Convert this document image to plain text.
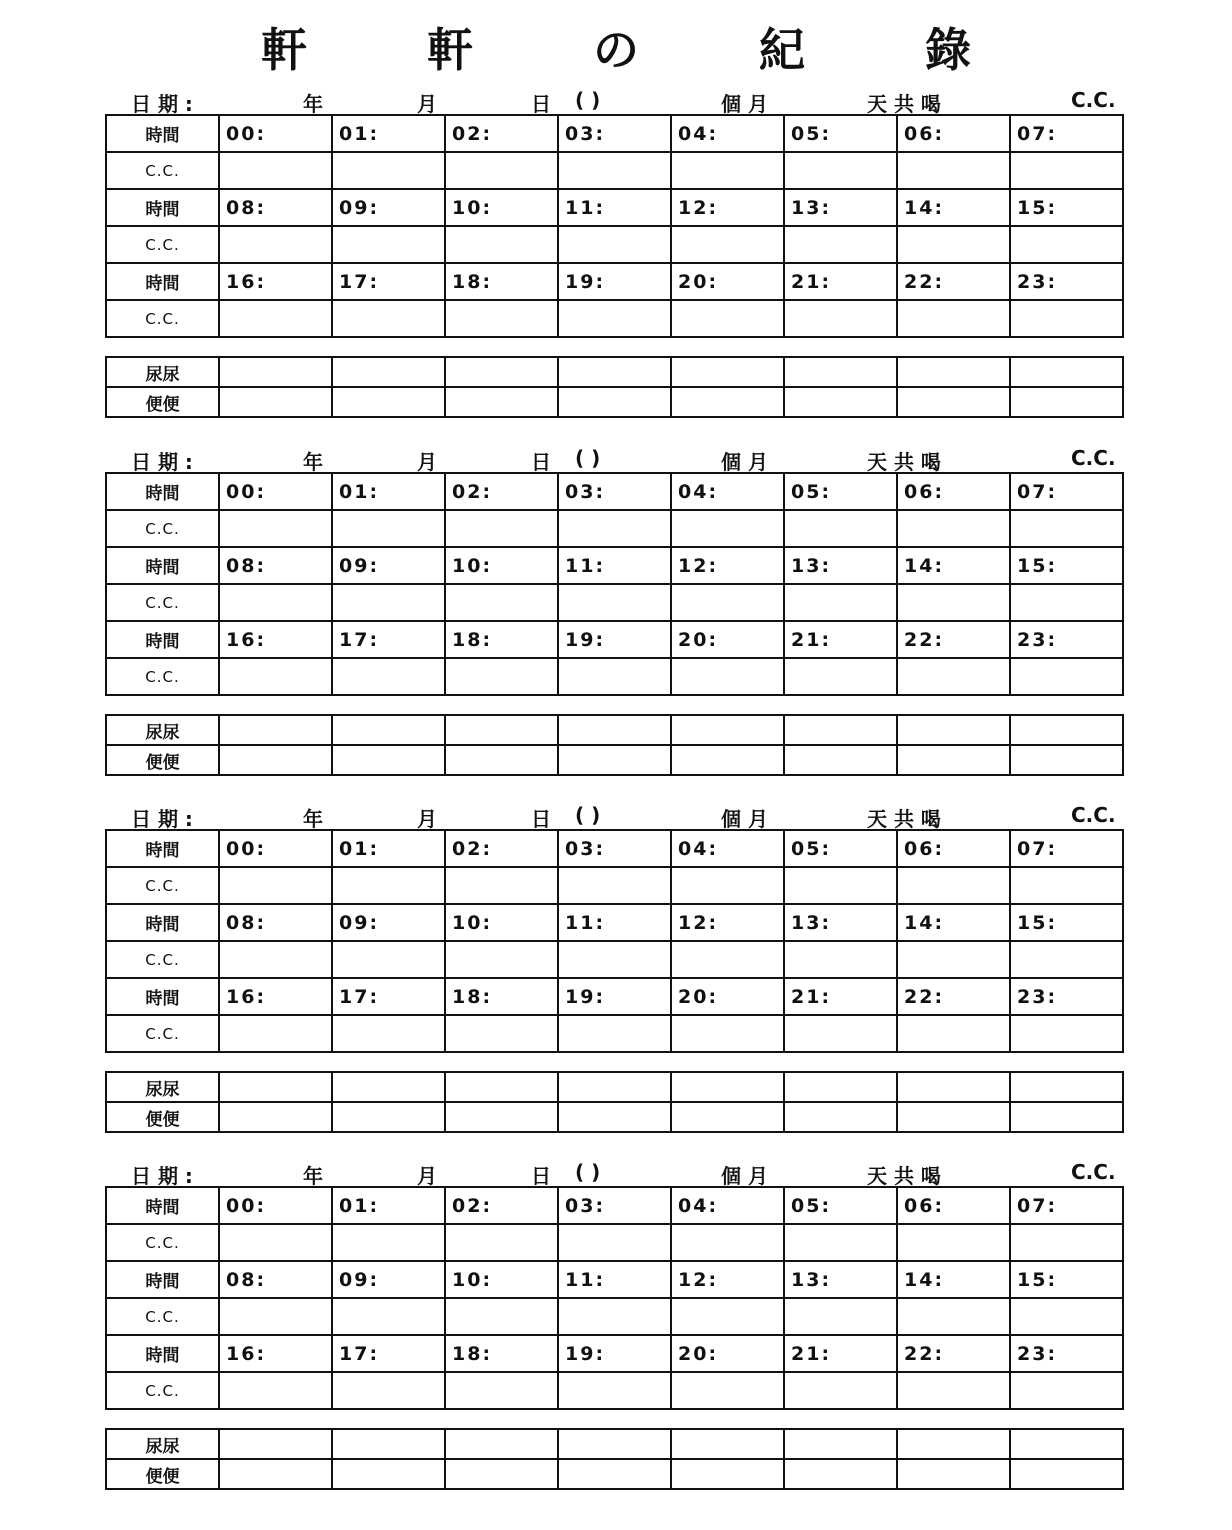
軒 軒 の 紀 錄
日 期 :	年	月	日 ( )	個 月	天 共 喝	C.C.
時間	00:	01:	02:	03:	04:	05:	06:	07:
C.C.								
時間	08:	09:	10:	11:	12:	13:	14:	15:
C.C.								
時間	16:	17:	18:	19:	20:	21:	22:	23:
C.C.								
尿尿								
便便								
日 期 :	年	月	日 ( )	個 月	天 共 喝	C.C.
時間	00:	01:	02:	03:	04:	05:	06:	07:
C.C.								
時間	08:	09:	10:	11:	12:	13:	14:	15:
C.C.								
時間	16:	17:	18:	19:	20:	21:	22:	23:
C.C.								
尿尿								
便便								
日 期 :	年	月	日 ( )	個 月	天 共 喝	C.C.
時間	00:	01:	02:	03:	04:	05:	06:	07:
C.C.								
時間	08:	09:	10:	11:	12:	13:	14:	15:
C.C.								
時間	16:	17:	18:	19:	20:	21:	22:	23:
C.C.								
尿尿								
便便								
日 期 :	年	月	日 ( )	個 月	天 共 喝	C.C.
時間	00:	01:	02:	03:	04:	05:	06:	07:
C.C.								
時間	08:	09:	10:	11:	12:	13:	14:	15:
C.C.								
時間	16:	17:	18:	19:	20:	21:	22:	23:
C.C.								
尿尿								
便便								
